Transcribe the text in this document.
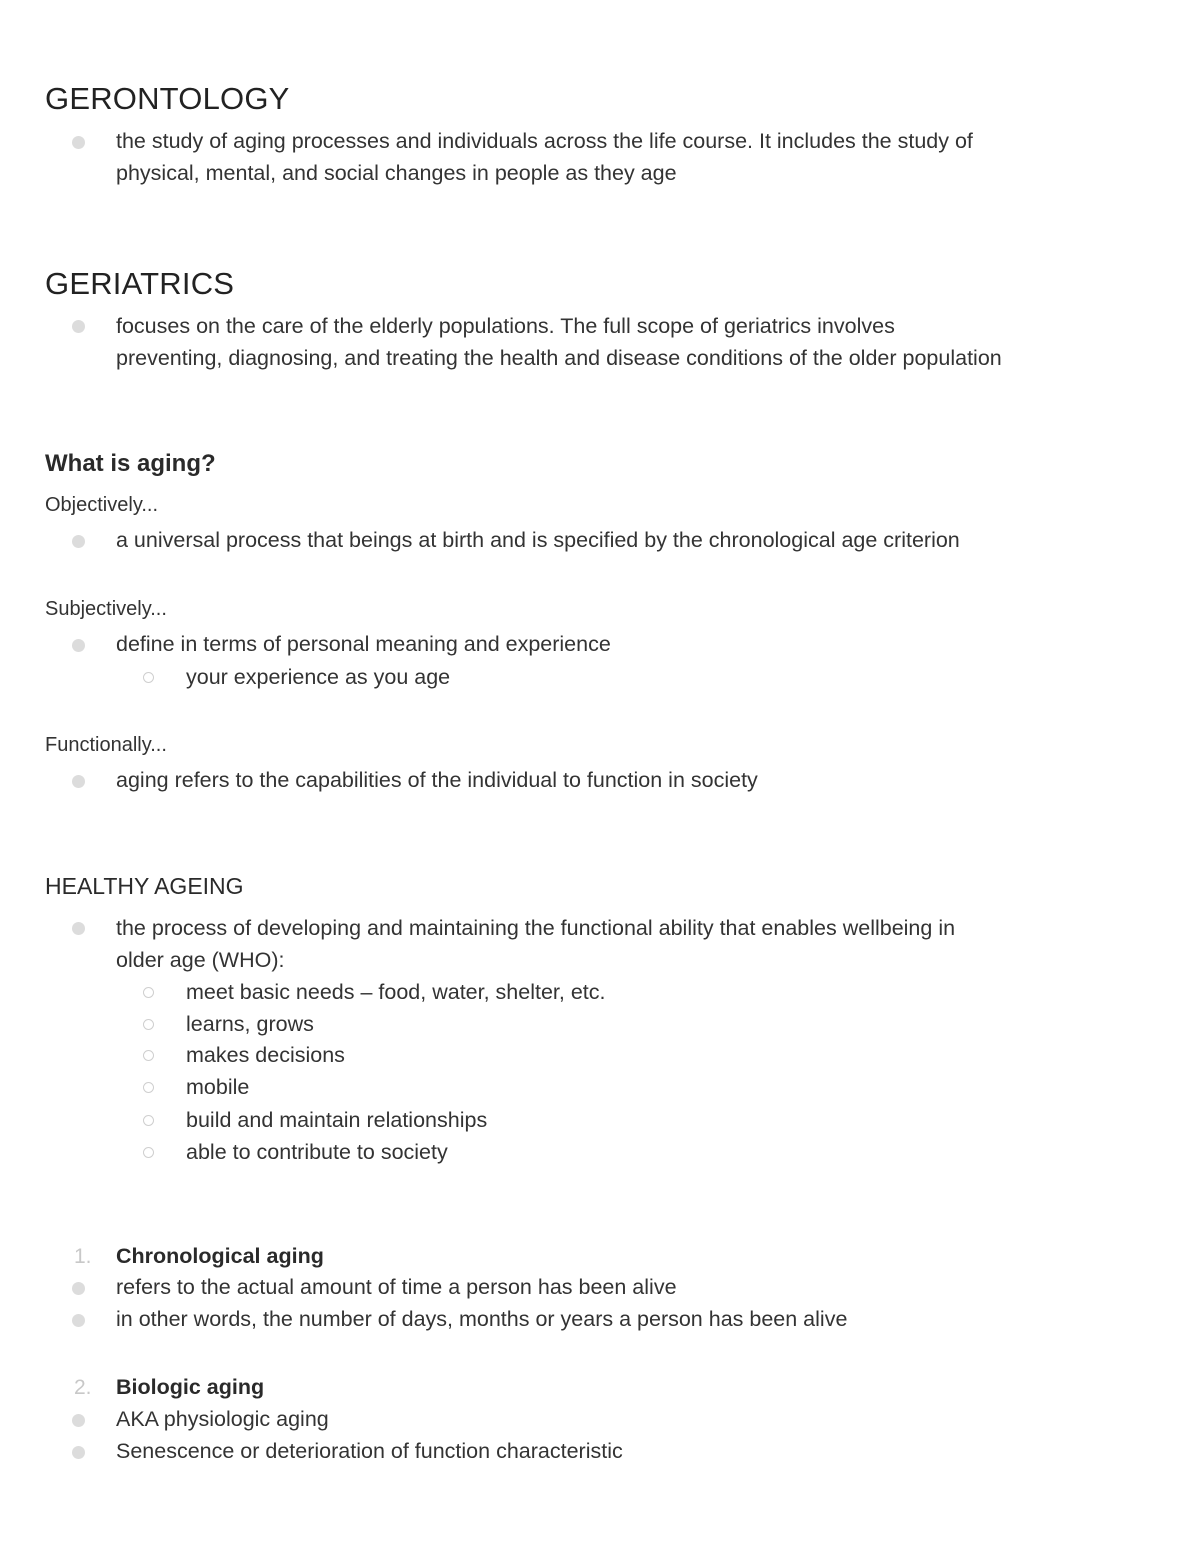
GERONTOLOGY
the study of aging processes and individuals across the life course. It includes the study of
physical, mental, and social changes in people as they age
GERIATRICS
focuses on the care of the elderly populations. The full scope of geriatrics involves
preventing, diagnosing, and treating the health and disease conditions of the older population
What is aging?
Objectively...
a universal process that beings at birth and is specified by the chronological age criterion
Subjectively...
define in terms of personal meaning and experience
your experience as you age
Functionally...
aging refers to the capabilities of the individual to function in society
HEALTHY AGEING
the process of developing and maintaining the functional ability that enables wellbeing in
older age (WHO):
meet basic needs – food, water, shelter, etc.
learns, grows
makes decisions
mobile
build and maintain relationships
able to contribute to society
1. Chronological aging
refers to the actual amount of time a person has been alive
in other words, the number of days, months or years a person has been alive
2. Biologic aging
AKA physiologic aging
Senescence or deterioration of function characteristic
